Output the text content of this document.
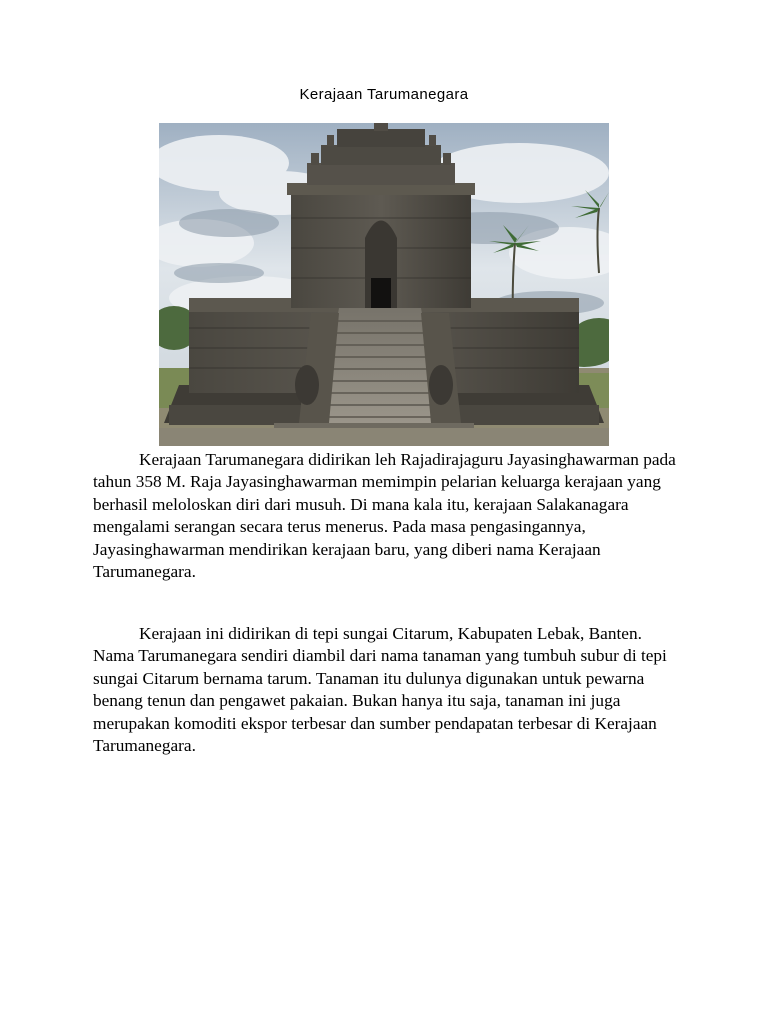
Kerajaan Tarumanegara

Kerajaan Tarumanegara didirikan leh Rajadirajaguru Jayasinghawarman pada tahun 358 M. Raja Jayasinghawarman memimpin pelarian keluarga kerajaan yang berhasil meloloskan diri dari musuh. Di mana kala itu, kerajaan Salakanagara mengalami serangan secara terus menerus. Pada masa pengasingannya, Jayasinghawarman mendirikan kerajaan baru, yang diberi nama Kerajaan Tarumanegara.

Kerajaan ini didirikan di tepi sungai Citarum, Kabupaten Lebak, Banten. Nama Tarumanegara sendiri diambil dari nama tanaman yang tumbuh subur di tepi sungai Citarum bernama tarum. Tanaman itu dulunya digunakan untuk pewarna benang tenun dan pengawet pakaian. Bukan hanya itu saja, tanaman ini juga merupakan komoditi ekspor terbesar dan sumber pendapatan terbesar di Kerajaan Tarumanegara.
